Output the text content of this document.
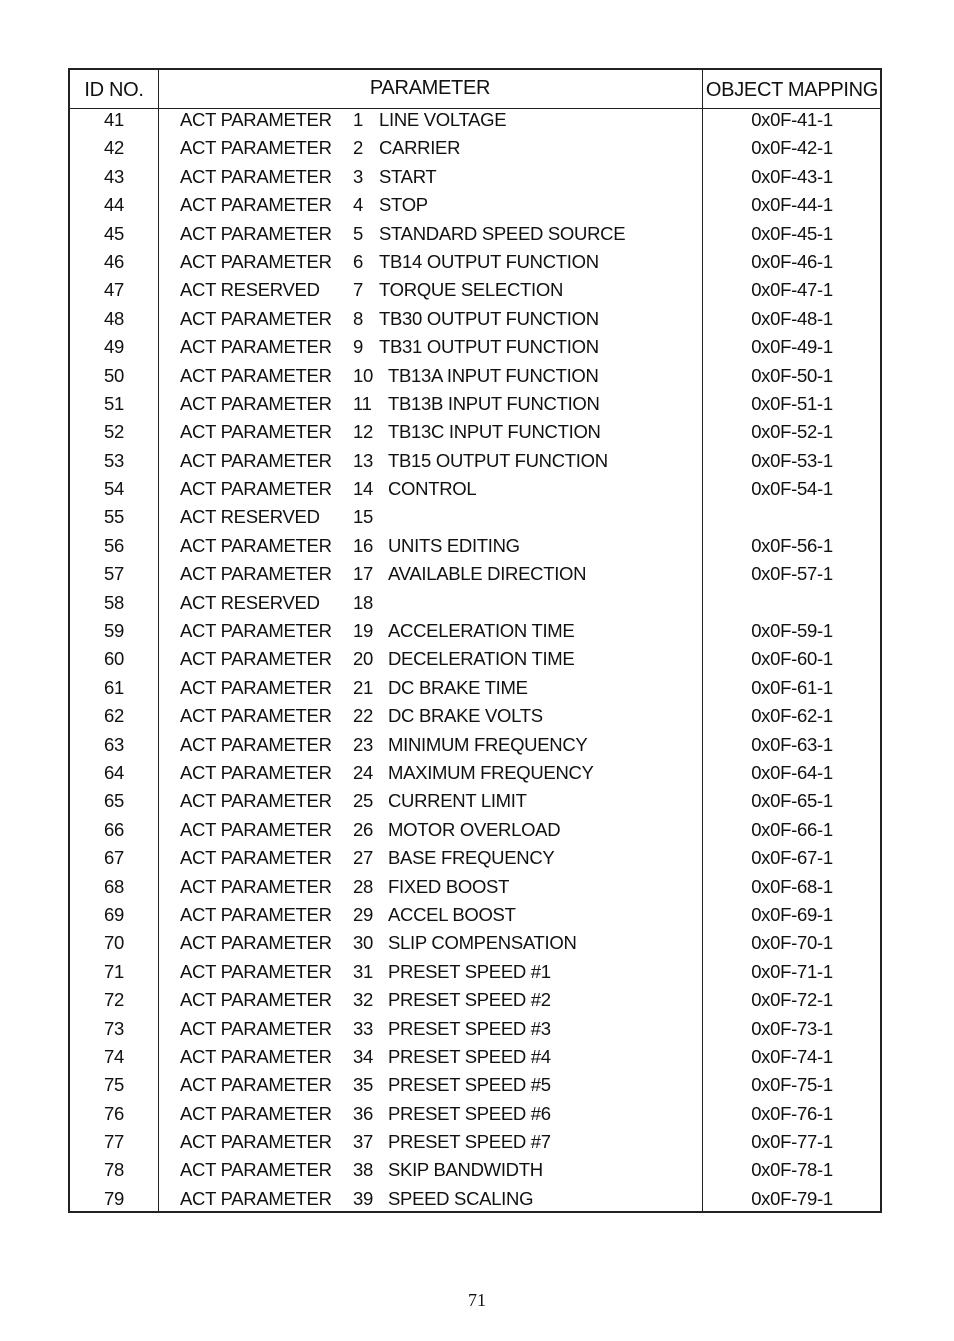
ID NO.	PARAMETER	OBJECT MAPPING
41	ACT PARAMETER 1 LINE VOLTAGE	0x0F-41-1
42	ACT PARAMETER 2 CARRIER	0x0F-42-1
43	ACT PARAMETER 3 START	0x0F-43-1
44	ACT PARAMETER 4 STOP	0x0F-44-1
45	ACT PARAMETER 5 STANDARD SPEED SOURCE	0x0F-45-1
46	ACT PARAMETER 6 TB14 OUTPUT FUNCTION	0x0F-46-1
47	ACT RESERVED 7 TORQUE SELECTION	0x0F-47-1
48	ACT PARAMETER 8 TB30 OUTPUT FUNCTION	0x0F-48-1
49	ACT PARAMETER 9 TB31 OUTPUT FUNCTION	0x0F-49-1
50	ACT PARAMETER 10 TB13A INPUT FUNCTION	0x0F-50-1
51	ACT PARAMETER 11 TB13B INPUT FUNCTION	0x0F-51-1
52	ACT PARAMETER 12 TB13C INPUT FUNCTION	0x0F-52-1
53	ACT PARAMETER 13 TB15 OUTPUT FUNCTION	0x0F-53-1
54	ACT PARAMETER 14 CONTROL	0x0F-54-1
55	ACT RESERVED 15
56	ACT PARAMETER 16 UNITS EDITING	0x0F-56-1
57	ACT PARAMETER 17 AVAILABLE DIRECTION	0x0F-57-1
58	ACT RESERVED 18
59	ACT PARAMETER 19 ACCELERATION TIME	0x0F-59-1
60	ACT PARAMETER 20 DECELERATION TIME	0x0F-60-1
61	ACT PARAMETER 21 DC BRAKE TIME	0x0F-61-1
62	ACT PARAMETER 22 DC BRAKE VOLTS	0x0F-62-1
63	ACT PARAMETER 23 MINIMUM FREQUENCY	0x0F-63-1
64	ACT PARAMETER 24 MAXIMUM FREQUENCY	0x0F-64-1
65	ACT PARAMETER 25 CURRENT LIMIT	0x0F-65-1
66	ACT PARAMETER 26 MOTOR OVERLOAD	0x0F-66-1
67	ACT PARAMETER 27 BASE FREQUENCY	0x0F-67-1
68	ACT PARAMETER 28 FIXED BOOST	0x0F-68-1
69	ACT PARAMETER 29 ACCEL BOOST	0x0F-69-1
70	ACT PARAMETER 30 SLIP COMPENSATION	0x0F-70-1
71	ACT PARAMETER 31 PRESET SPEED #1	0x0F-71-1
72	ACT PARAMETER 32 PRESET SPEED #2	0x0F-72-1
73	ACT PARAMETER 33 PRESET SPEED #3	0x0F-73-1
74	ACT PARAMETER 34 PRESET SPEED #4	0x0F-74-1
75	ACT PARAMETER 35 PRESET SPEED #5	0x0F-75-1
76	ACT PARAMETER 36 PRESET SPEED #6	0x0F-76-1
77	ACT PARAMETER 37 PRESET SPEED #7	0x0F-77-1
78	ACT PARAMETER 38 SKIP BANDWIDTH	0x0F-78-1
79	ACT PARAMETER 39 SPEED SCALING	0x0F-79-1
71
